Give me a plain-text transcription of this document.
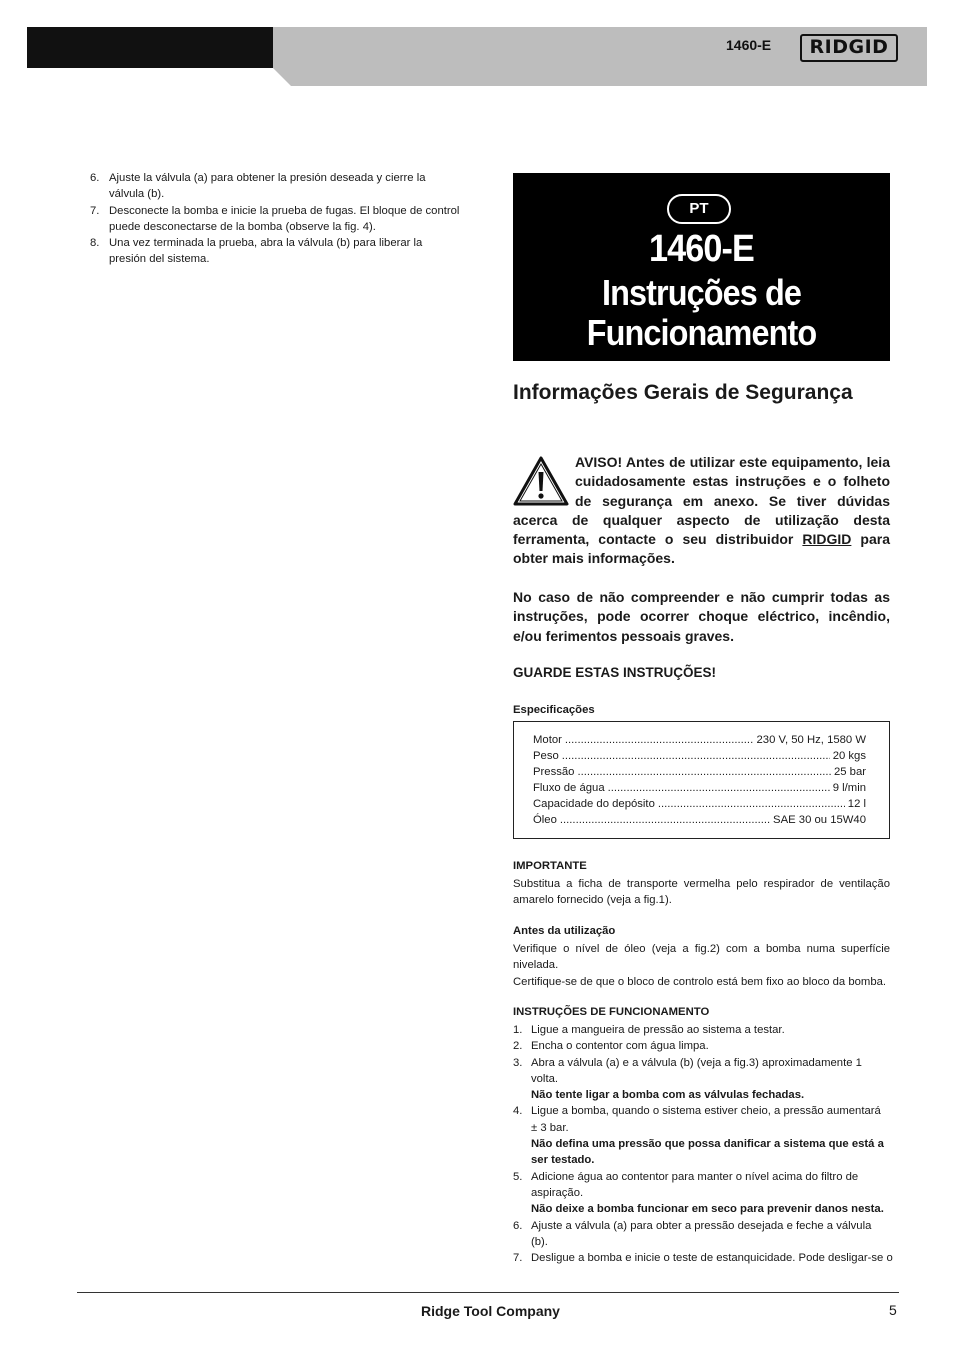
1460-E	RIDGID
6. Ajuste la válvula (a) para obtener la presión deseada y cierre la válvula (b).
7. Desconecte la bomba e inicie la prueba de fugas. El bloque de control puede desconectarse de la bomba (observe la fig. 4).
8. Una vez terminada la prueba, abra la válvula (b) para liberar la presión del sistema.
PT
1460-E
Instruções de
Funcionamento
Informações Gerais de Segurança

AVISO! Antes de utilizar este equipamento, leia cuidadosamente estas instruções e o folheto de segurança em anexo. Se tiver dúvidas acerca de qualquer aspecto de utilização desta ferramenta, contacte o seu distribuidor RIDGID para obter mais informações.

No caso de não compreender e não cumprir todas as instruções, pode ocorrer choque eléctrico, incêndio, e/ou ferimentos pessoais graves.

GUARDE ESTAS INSTRUÇÕES!
Especificações
Motor .....	230 V, 50 Hz, 1580 W
Peso .....	20 kgs
Pressão .....	25 bar
Fluxo de água .....	9 l/min
Capacidade do depósito .....	12 l
Óleo .....	SAE 30 ou 15W40
IMPORTANTE

Substitua a ficha de transporte vermelha pelo respirador de ventilação amarelo fornecido (veja a fig.1).

Antes da utilização

Verifique o nível de óleo (veja a fig.2) com a bomba numa superfície nivelada.

Certifique-se de que o bloco de controlo está bem fixo ao bloco da bomba.

INSTRUÇÕES DE FUNCIONAMENTO
1. Ligue a mangueira de pressão ao sistema a testar.
2. Encha o contentor com água limpa.
3. Abra a válvula (a) e a válvula (b) (veja a fig.3) aproximadamente 1 volta.
Não tente ligar a bomba com as válvulas fechadas.
4. Ligue a bomba, quando o sistema estiver cheio, a pressão aumentará ± 3 bar.
Não defina uma pressão que possa danificar a sistema que está a ser testado.
5. Adicione água ao contentor para manter o nível acima do filtro de aspiração.
Não deixe a bomba funcionar em seco para prevenir danos nesta.
6. Ajuste a válvula (a) para obter a pressão desejada e feche a válvula (b).
7. Desligue a bomba e inicie o teste de estanquicidade. Pode desligar-se o
Ridge Tool Company	5
